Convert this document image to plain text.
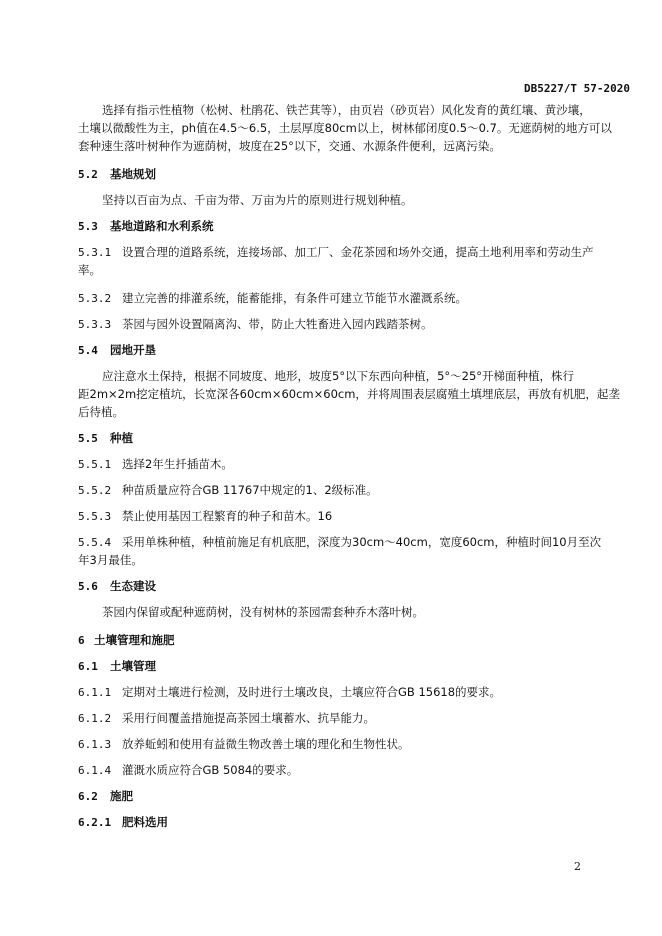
DB5227/T 57-2020
选择有指示性植物（松树、杜鹃花、铁芒萁等），由页岩（砂页岩）风化发育的黄红壤、黄沙壤，
土壤以微酸性为主，ph值在4.5～6.5，土层厚度80cm以上，树林郁闭度0.5～0.7。无遮荫树的地方可以
套种速生落叶树种作为遮荫树，坡度在25°以下，交通、水源条件便利，远离污染。
5.2 基地规划
坚持以百亩为点、千亩为带、万亩为片的原则进行规划种植。
5.3 基地道路和水利系统
5.3.1 设置合理的道路系统，连接场部、加工厂、金花茶园和场外交通，提高土地利用率和劳动生产
率。
5.3.2 建立完善的排灌系统，能蓄能排，有条件可建立节能节水灌溉系统。
5.3.3 茶园与园外设置隔离沟、带，防止大牲畜进入园内践踏茶树。
5.4 园地开垦
应注意水土保持，根据不同坡度、地形，坡度5°以下东西向种植，5°～25°开梯面种植，株行
距2m×2m挖定植坑，长宽深各60cm×60cm×60cm，并将周围表层腐殖土填埋底层，再放有机肥，起垄
后待植。
5.5 种植
5.5.1 选择2年生扦插苗木。
5.5.2 种苗质量应符合GB 11767中规定的1、2级标准。
5.5.3 禁止使用基因工程繁育的种子和苗木。16
5.5.4 采用单株种植，种植前施足有机底肥，深度为30cm～40cm，宽度60cm，种植时间10月至次
年3月最佳。
5.6 生态建设
茶园内保留或配种遮荫树，没有树林的茶园需套种乔木落叶树。
6 土壤管理和施肥
6.1 土壤管理
6.1.1 定期对土壤进行检测，及时进行土壤改良，土壤应符合GB 15618的要求。
6.1.2 采用行间覆盖措施提高茶园土壤蓄水、抗旱能力。
6.1.3 放养蚯蚓和使用有益微生物改善土壤的理化和生物性状。
6.1.4 灌溉水质应符合GB 5084的要求。
6.2 施肥
6.2.1 肥料选用
2
